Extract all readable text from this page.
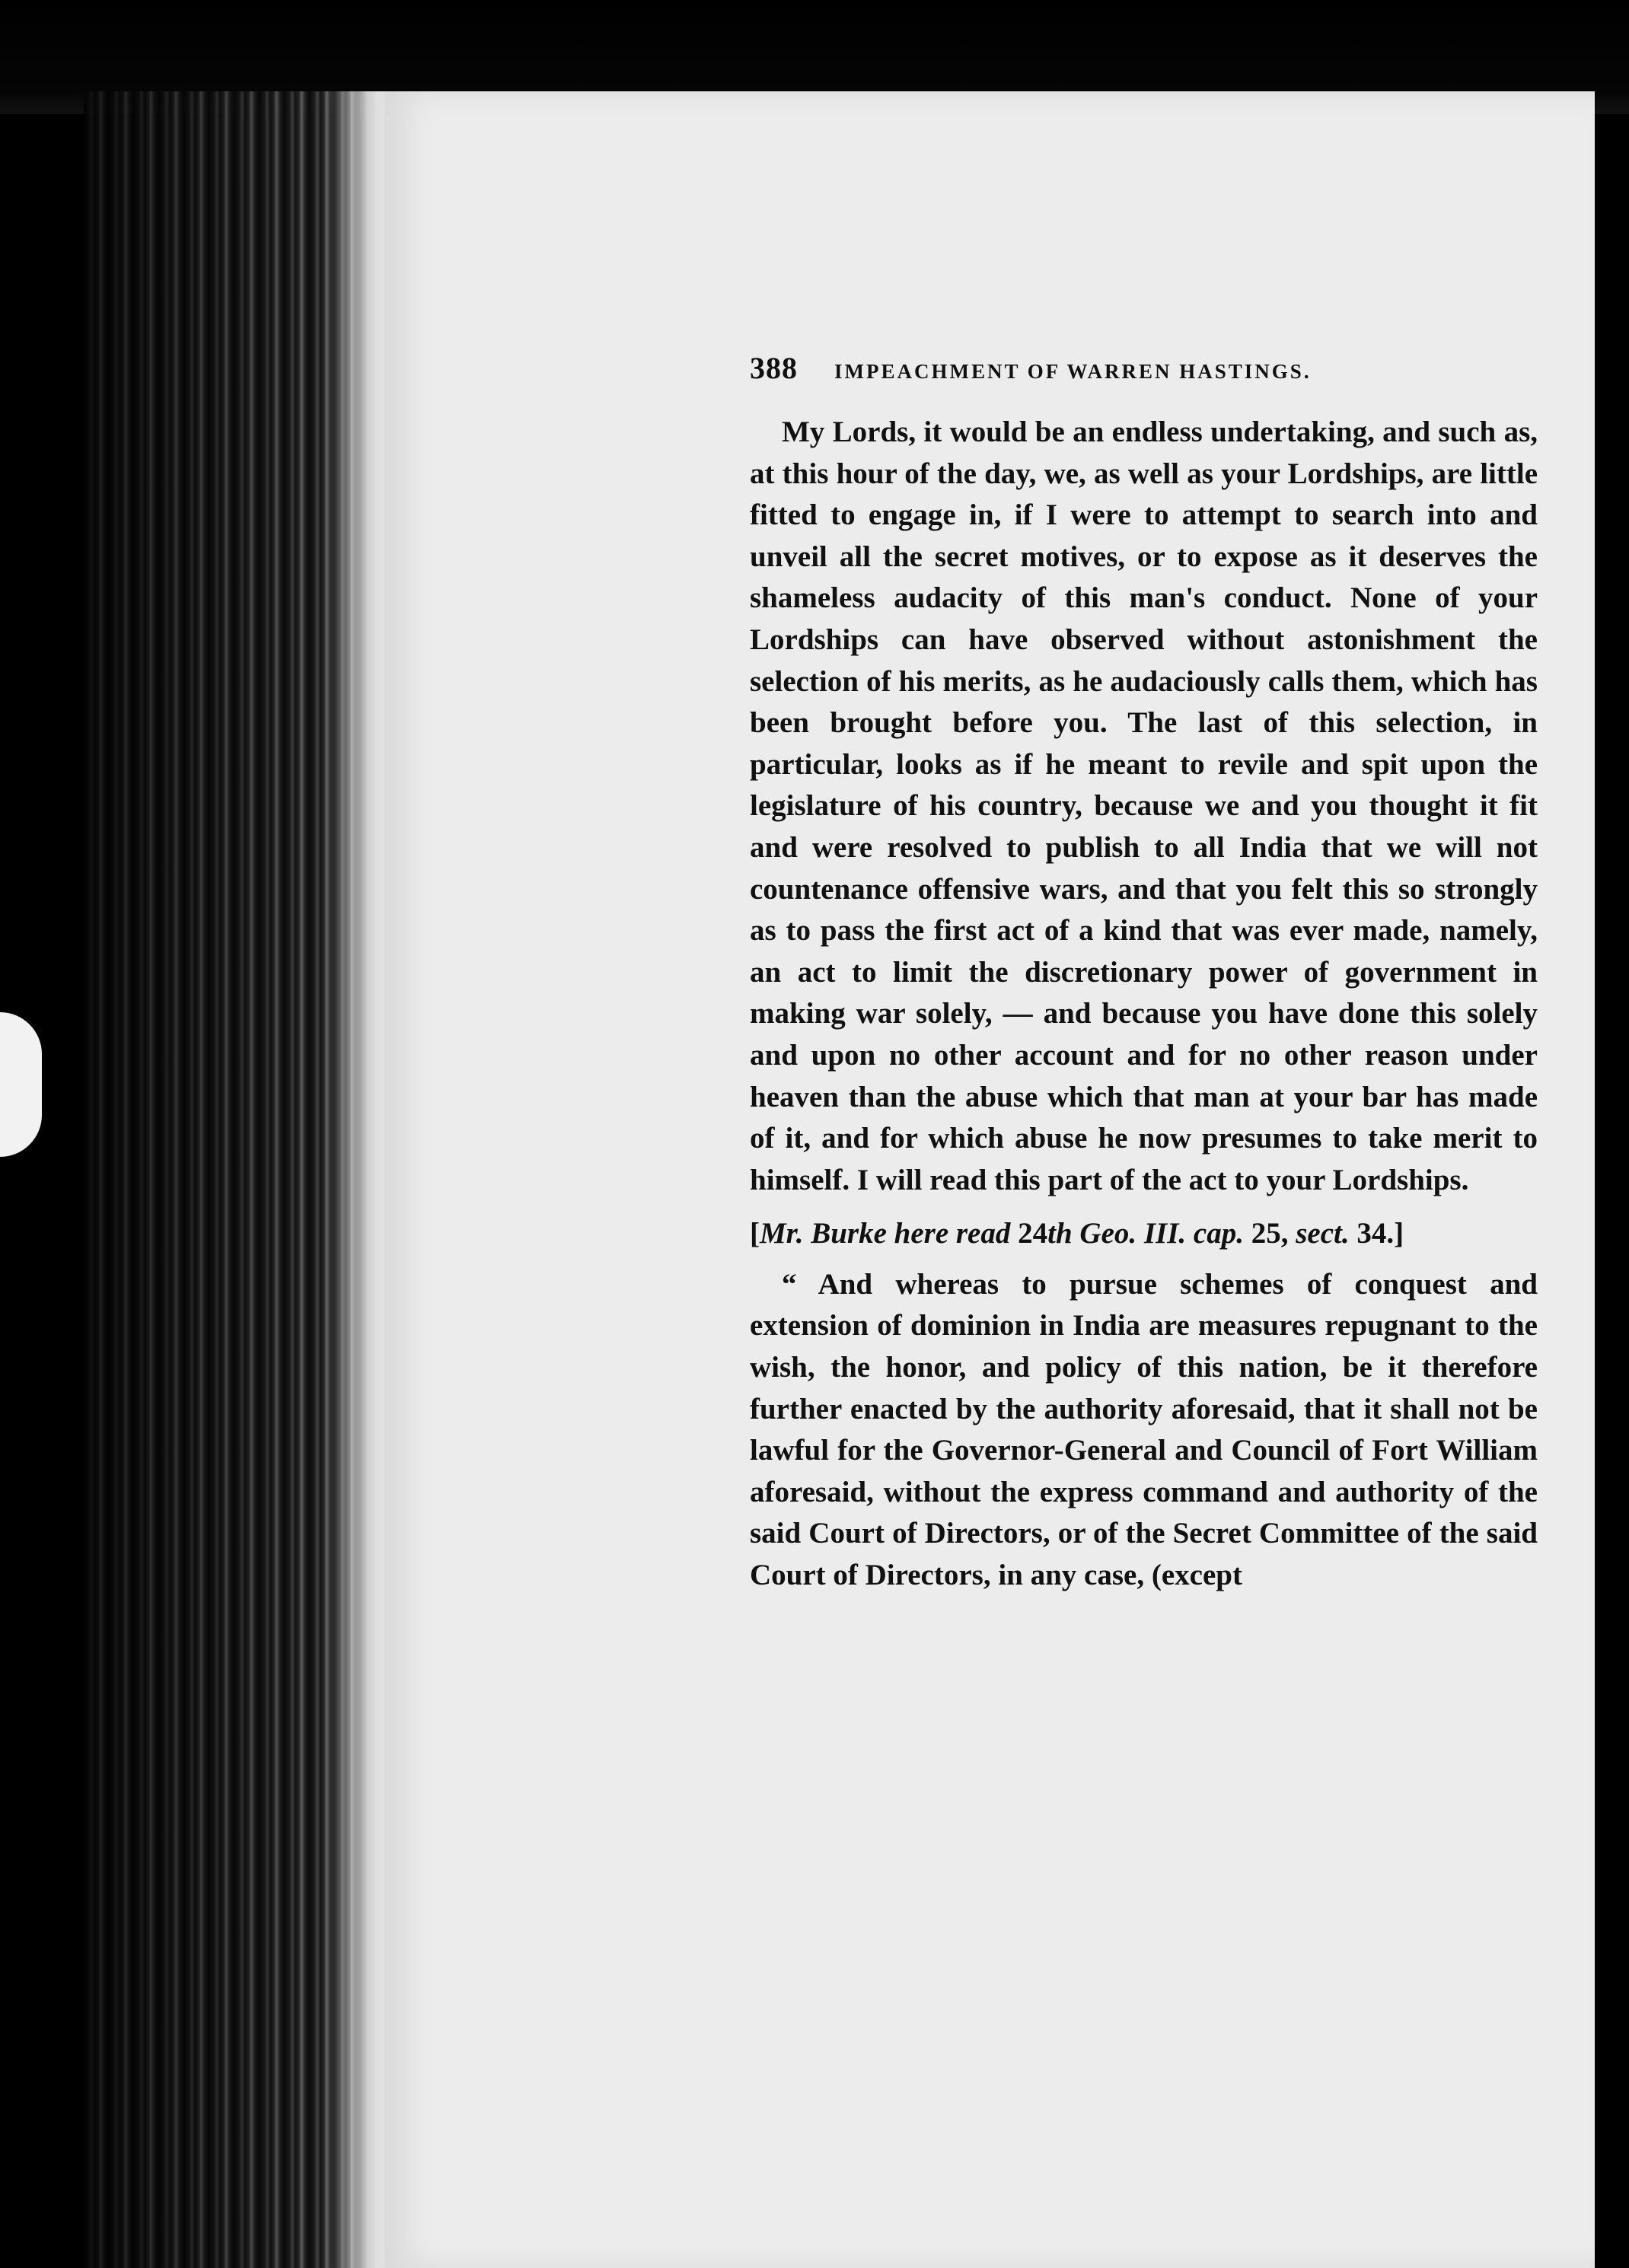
388 IMPEACHMENT OF WARREN HASTINGS.

My Lords, it would be an endless undertaking, and such as, at this hour of the day, we, as well as your Lordships, are little fitted to engage in, if I were to attempt to search into and unveil all the secret motives, or to expose as it deserves the shameless audacity of this man's conduct. None of your Lordships can have observed without astonishment the selection of his merits, as he audaciously calls them, which has been brought before you. The last of this selection, in particular, looks as if he meant to revile and spit upon the legislature of his country, because we and you thought it fit and were resolved to publish to all India that we will not countenance offensive wars, and that you felt this so strongly as to pass the first act of a kind that was ever made, namely, an act to limit the discretionary power of government in making war solely, — and because you have done this solely and upon no other account and for no other reason under heaven than the abuse which that man at your bar has made of it, and for which abuse he now presumes to take merit to himself. I will read this part of the act to your Lordships.

[Mr. Burke here read 24th Geo. III. cap. 25, sect. 34.]

“ And whereas to pursue schemes of conquest and extension of dominion in India are measures repugnant to the wish, the honor, and policy of this nation, be it therefore further enacted by the authority aforesaid, that it shall not be lawful for the Governor-General and Council of Fort William aforesaid, without the express command and authority of the said Court of Directors, or of the Secret Committee of the said Court of Directors, in any case, (except
